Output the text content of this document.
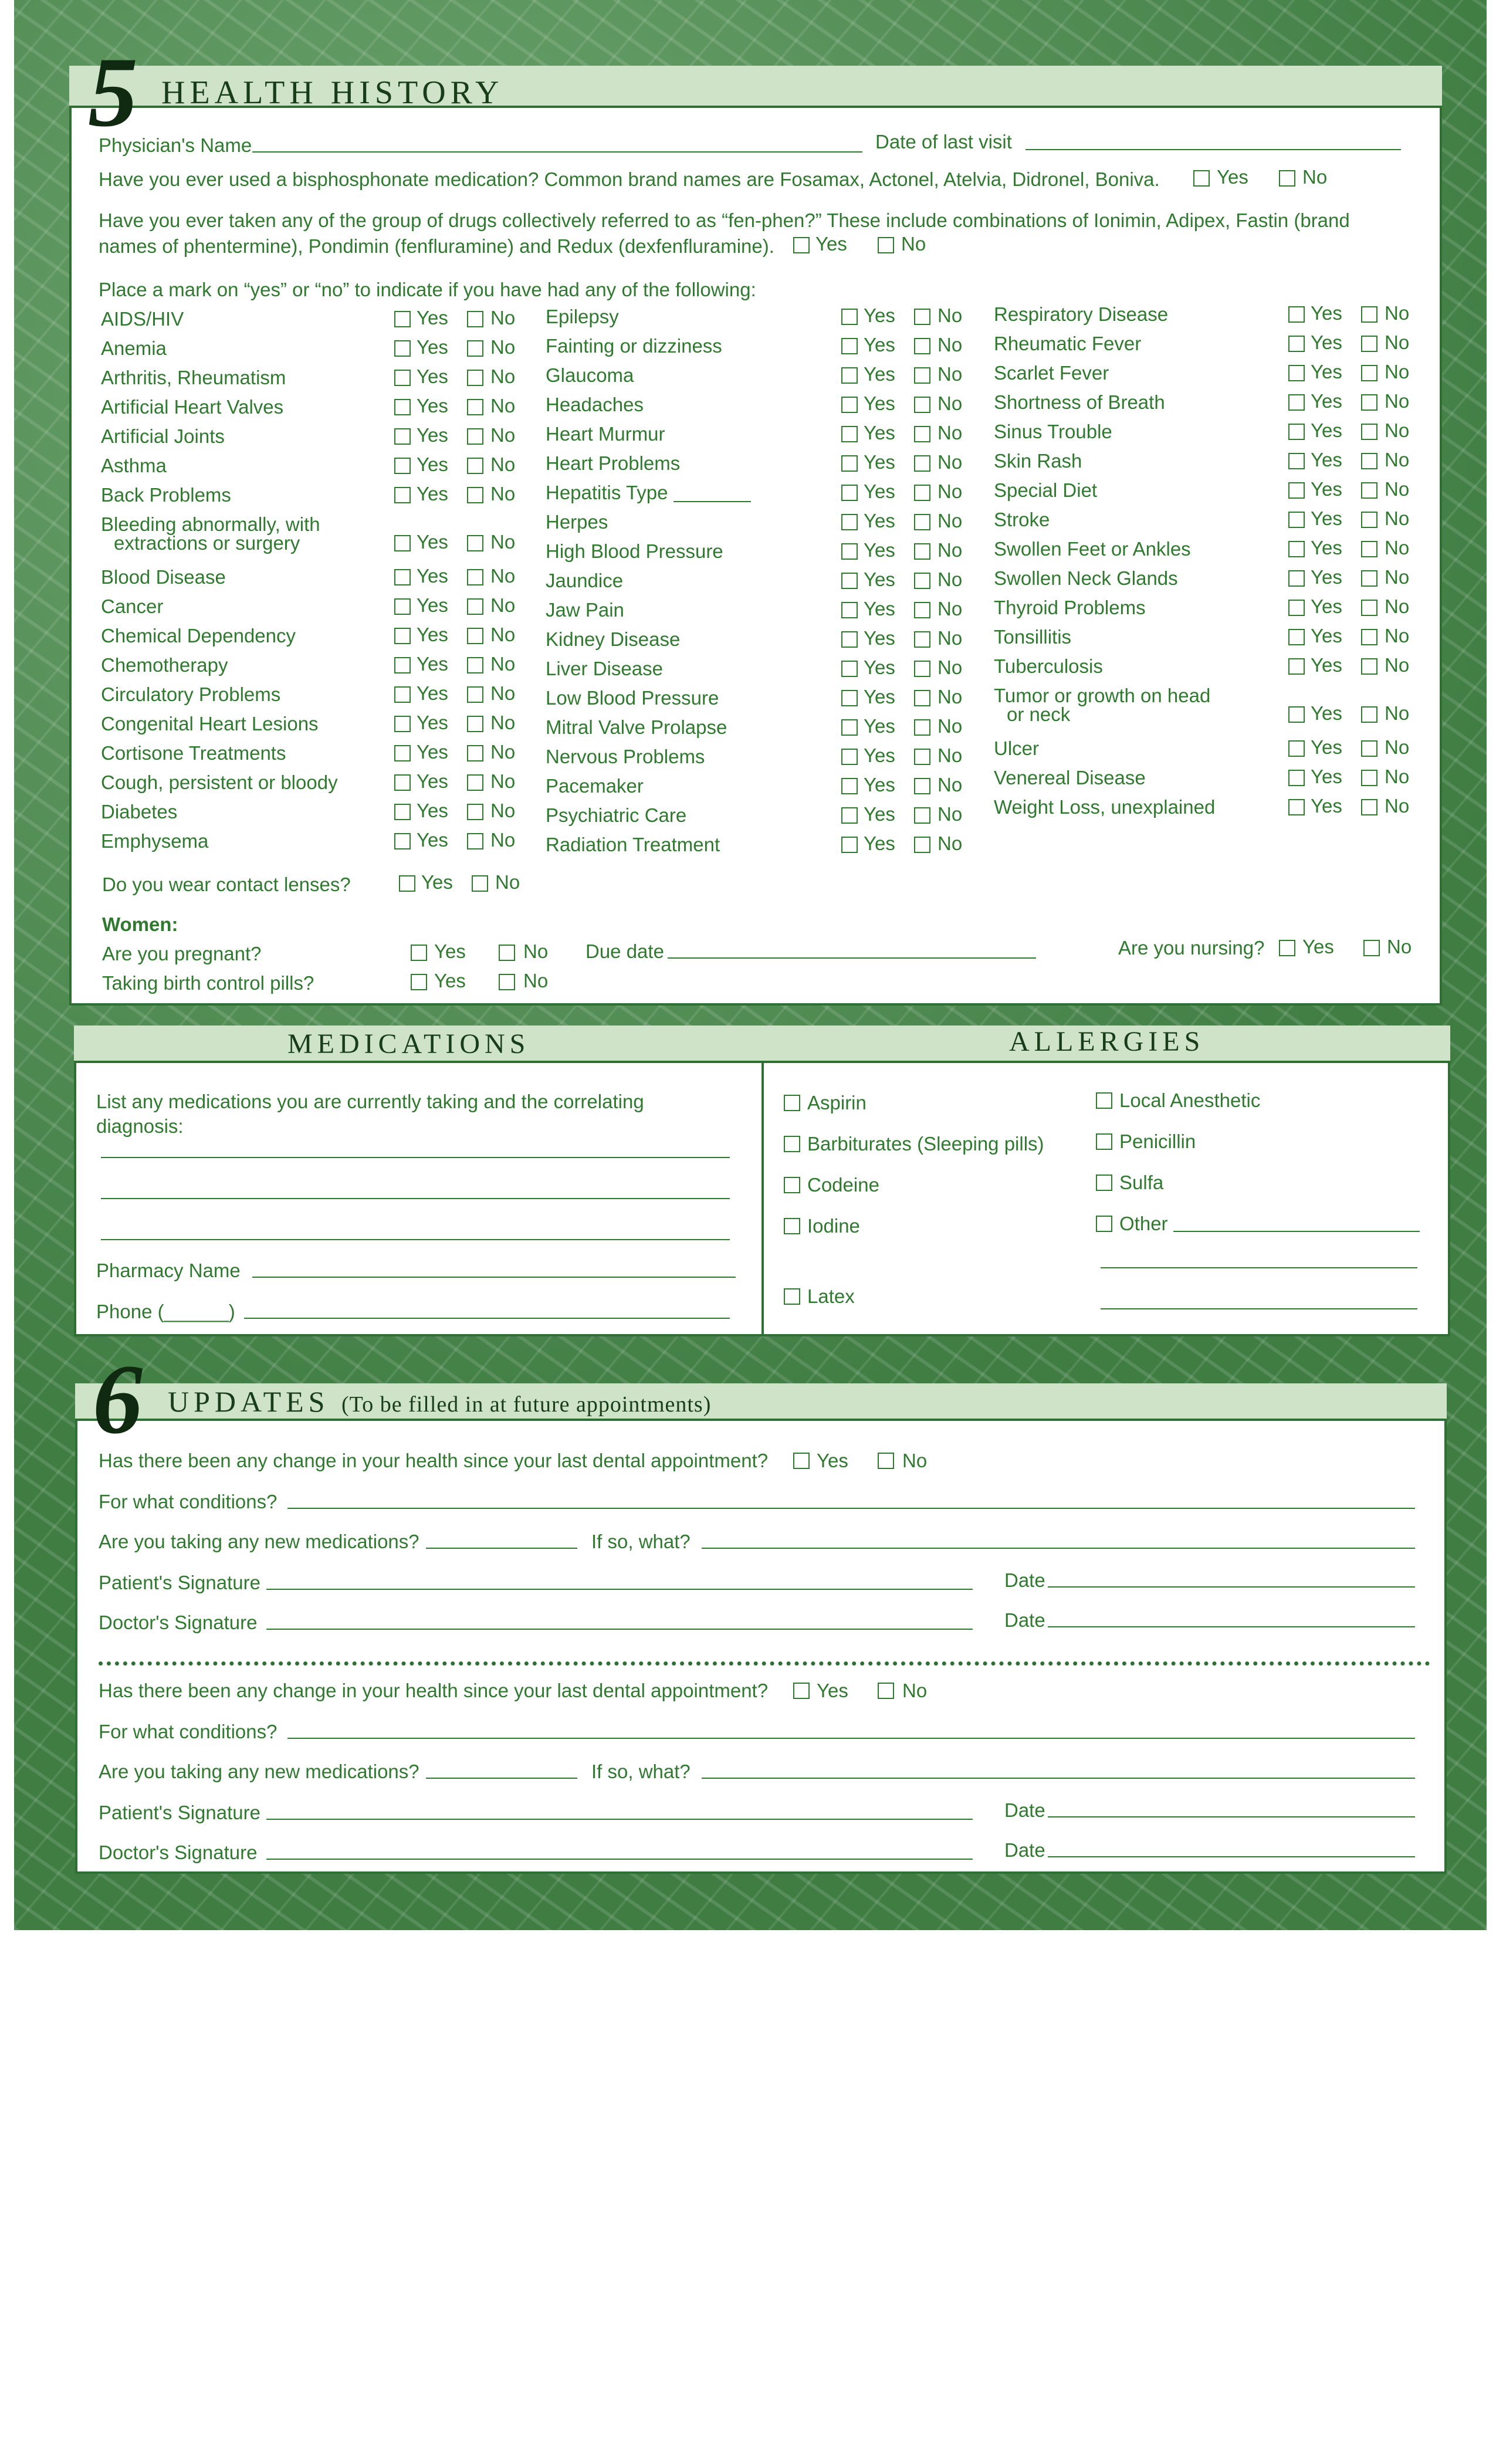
5 HEALTH HISTORY
Physician's Name	Date of last visit
Have you ever used a bisphosphonate medication? Common brand names are Fosamax, Actonel, Atelvia, Didronel, Boniva.	Yes	No
Have you ever taken any of the group of drugs collectively referred to as “fen-phen?” These include combinations of Ionimin, Adipex, Fastin (brand
names of phentermine), Pondimin (fenfluramine) and Redux (dexfenfluramine). Yes	No
Place a mark on “yes” or “no” to indicate if you have had any of the following:
AIDS/HIV	Yes No
Anemia	Yes No
Arthritis, Rheumatism	Yes No
Artificial Heart Valves	Yes No
Artificial Joints	Yes No
Asthma	Yes No
Back Problems	Yes No
Bleeding abnormally, with
extractions or surgery	Yes No
Blood Disease	Yes No
Cancer	Yes No
Chemical Dependency	Yes No
Chemotherapy	Yes No
Circulatory Problems	Yes No
Congenital Heart Lesions	Yes No
Cortisone Treatments	Yes No
Cough, persistent or bloody	Yes No
Diabetes	Yes No
Emphysema	Yes No
Epilepsy	Yes No
Fainting or dizziness	Yes No
Glaucoma	Yes No
Headaches	Yes No
Heart Murmur	Yes No
Heart Problems	Yes No
Hepatitis Type	Yes No
Herpes	Yes No
High Blood Pressure	Yes No
Jaundice	Yes No
Jaw Pain	Yes No
Kidney Disease	Yes No
Liver Disease	Yes No
Low Blood Pressure	Yes No
Mitral Valve Prolapse	Yes No
Nervous Problems	Yes No
Pacemaker	Yes No
Psychiatric Care	Yes No
Radiation Treatment	Yes No
Respiratory Disease	Yes No
Rheumatic Fever	Yes No
Scarlet Fever	Yes No
Shortness of Breath	Yes No
Sinus Trouble	Yes No
Skin Rash	Yes No
Special Diet	Yes No
Stroke	Yes No
Swollen Feet or Ankles	Yes No
Swollen Neck Glands	Yes No
Thyroid Problems	Yes No
Tonsillitis	Yes No
Tuberculosis	Yes No
Tumor or growth on head
or neck	Yes No
Ulcer	Yes No
Venereal Disease	Yes No
Weight Loss, unexplained	Yes No
Do you wear contact lenses?	Yes No
Women:
Are you pregnant?	Yes	No Due date	Are you nursing? Yes	No
Taking birth control pills?	Yes	No
MEDICATIONS
List any medications you are currently taking and the correlating
diagnosis:
Pharmacy Name
Phone (______)
ALLERGIES
Aspirin
Barbiturates (Sleeping pills)
Codeine
Iodine
Latex
Local Anesthetic
Penicillin
Sulfa
Other
6 UPDATES (To be filled in at future appointments)
Has there been any change in your health since your last dental appointment?	Yes	No
For what conditions?
Are you taking any new medications?	If so, what?
Patient's Signature	Date
Doctor's Signature	Date
Has there been any change in your health since your last dental appointment?	Yes	No
For what conditions?
Are you taking any new medications?	If so, what?
Patient's Signature	Date
Doctor's Signature	Date
